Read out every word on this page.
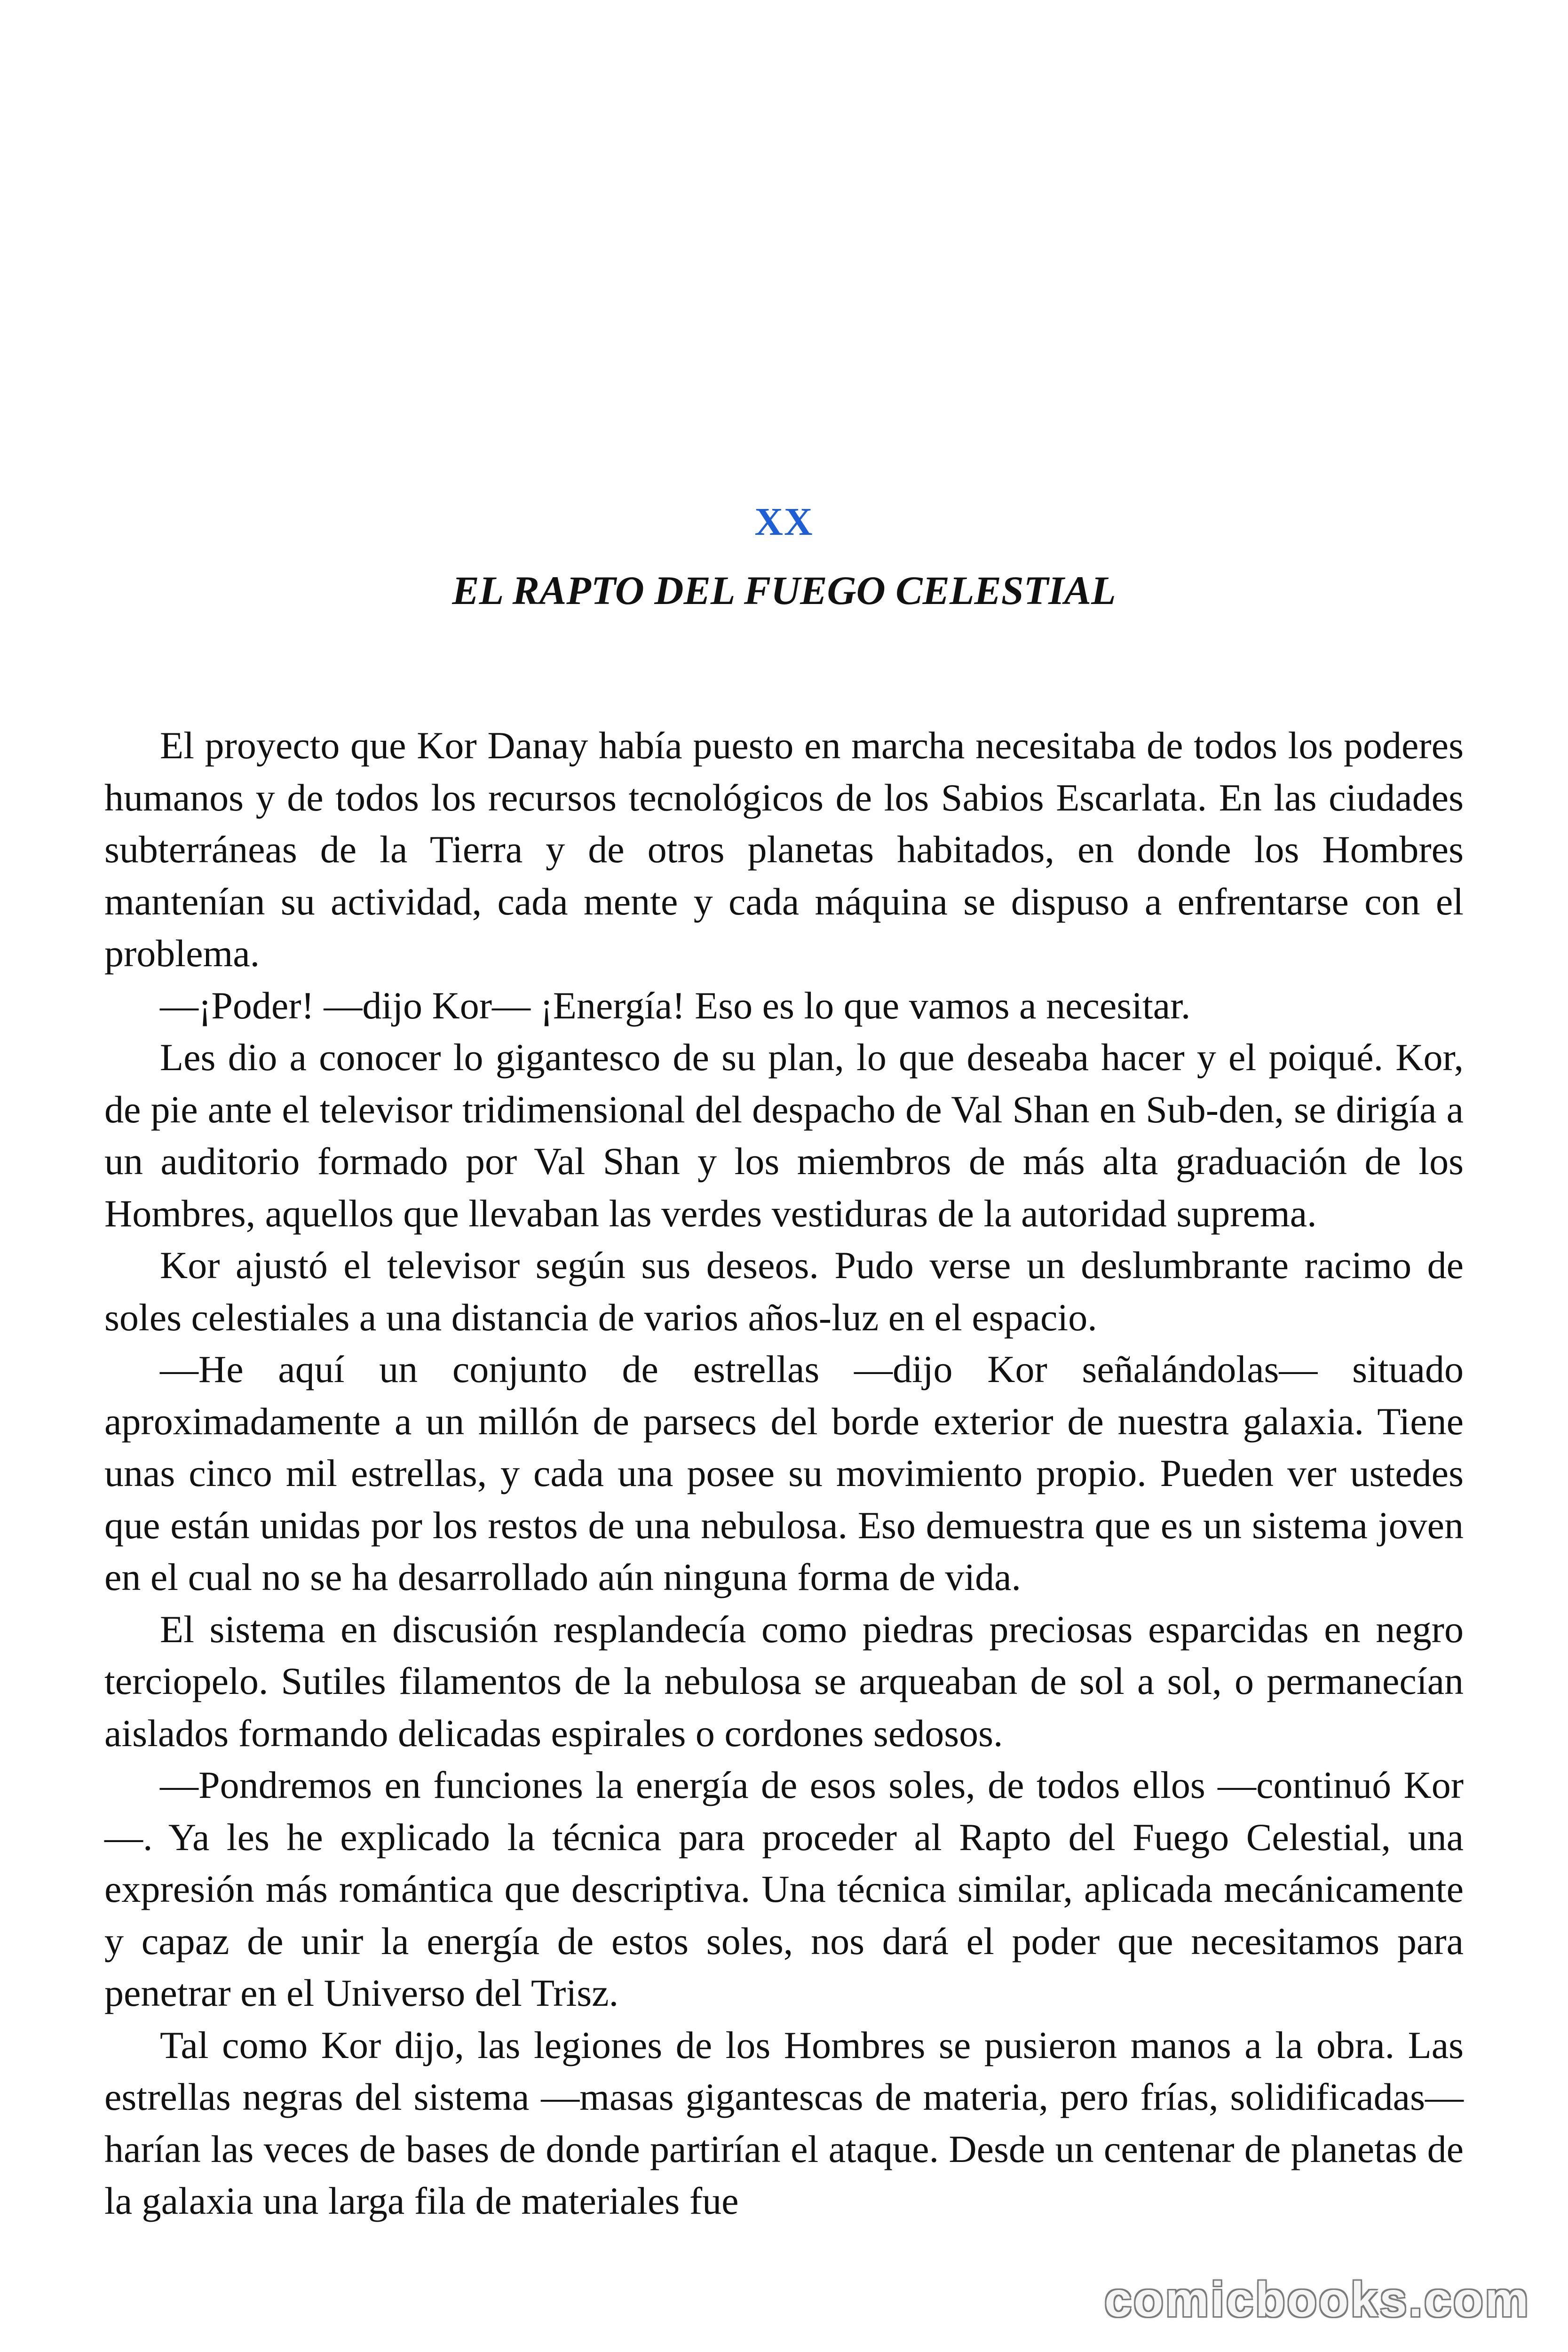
XX
EL RAPTO DEL FUEGO CELESTIAL

El proyecto que Kor Danay había puesto en marcha necesitaba de todos los poderes humanos y de todos los recursos tecnológicos de los Sabios Escarlata. En las ciudades subterráneas de la Tierra y de otros planetas habitados, en donde los Hombres mantenían su actividad, cada mente y cada máquina se dispuso a enfrentarse con el problema.

—¡Poder! —dijo Kor— ¡Energía! Eso es lo que vamos a necesitar.

Les dio a conocer lo gigantesco de su plan, lo que deseaba hacer y el poiqué. Kor, de pie ante el televisor tridimensional del despacho de Val Shan en Sub-den, se dirigía a un auditorio formado por Val Shan y los miembros de más alta graduación de los Hombres, aquellos que llevaban las verdes vestiduras de la autoridad suprema.

Kor ajustó el televisor según sus deseos. Pudo verse un deslumbrante racimo de soles celestiales a una distancia de varios años-luz en el espacio.

—He aquí un conjunto de estrellas —dijo Kor señalándolas— situado aproximadamente a un millón de parsecs del borde exterior de nuestra galaxia. Tiene unas cinco mil estrellas, y cada una posee su movimiento propio. Pueden ver ustedes que están unidas por los restos de una nebulosa. Eso demuestra que es un sistema joven en el cual no se ha desarrollado aún ninguna forma de vida.

El sistema en discusión resplandecía como piedras preciosas esparcidas en negro terciopelo. Sutiles filamentos de la nebulosa se arqueaban de sol a sol, o permanecían aislados formando delicadas espirales o cordones sedosos.

—Pondremos en funciones la energía de esos soles, de todos ellos —continuó Kor—. Ya les he explicado la técnica para proceder al Rapto del Fuego Celestial, una expresión más romántica que descriptiva. Una técnica similar, aplicada mecánicamente y capaz de unir la energía de estos soles, nos dará el poder que necesitamos para penetrar en el Universo del Trisz.

Tal como Kor dijo, las legiones de los Hombres se pusieron manos a la obra. Las estrellas negras del sistema —masas gigantescas de materia, pero frías, solidificadas— harían las veces de bases de donde partirían el ataque. Desde un centenar de planetas de la galaxia una larga fila de materiales fue

comicbooks.com
